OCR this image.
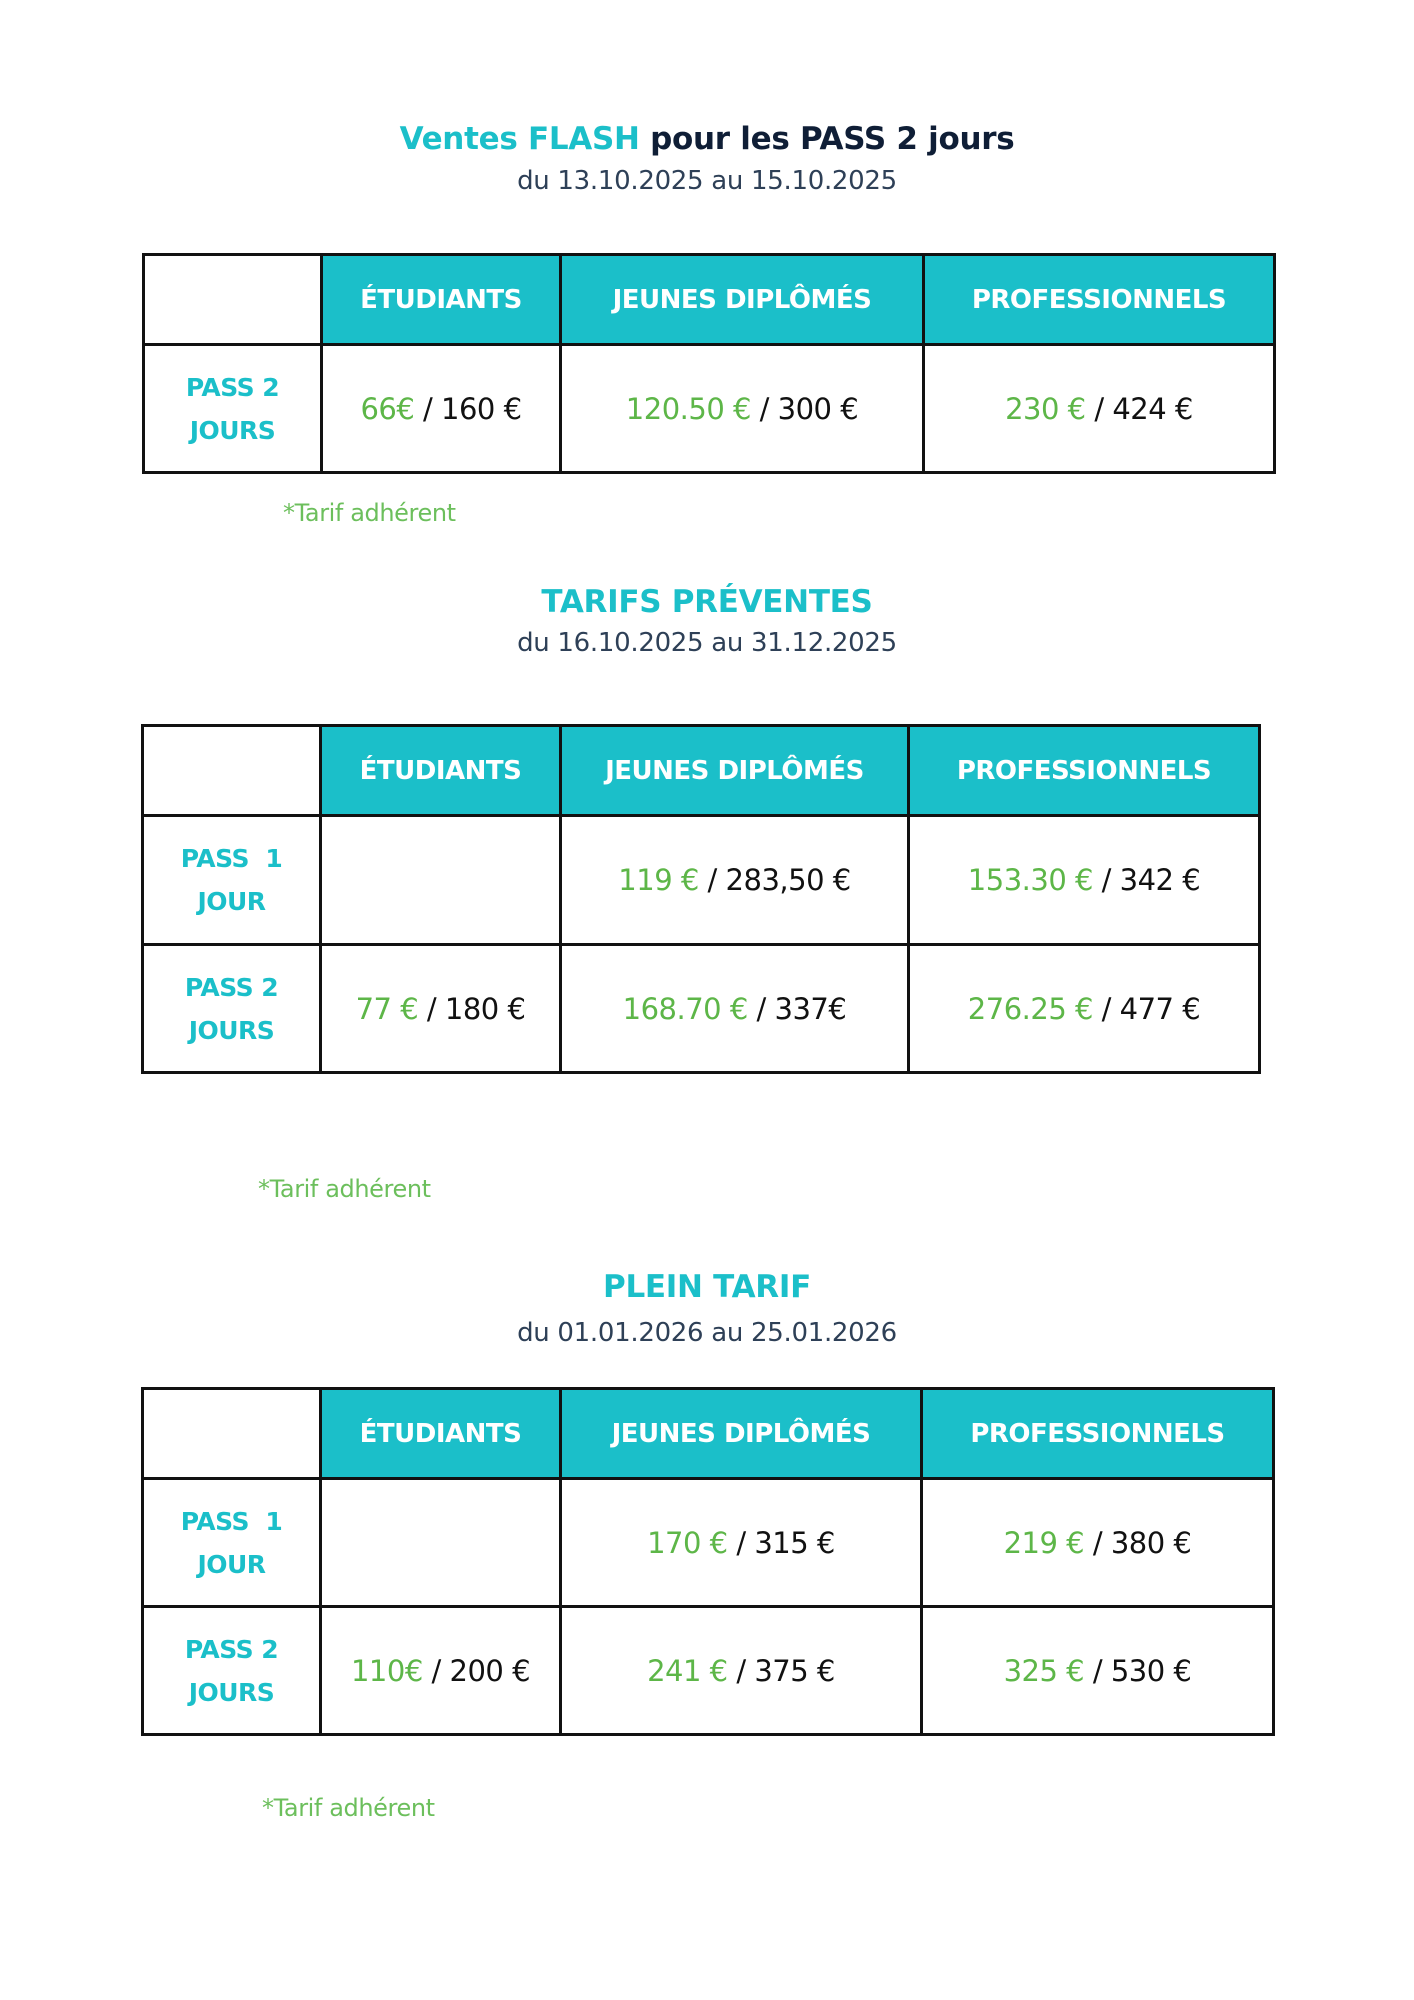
Ventes FLASH pour les PASS 2 jours
du 13.10.2025 au 15.10.2025
	ÉTUDIANTS	JEUNES DIPLÔMÉS	PROFESSIONNELS

PASS 2
JOURS	66€ / 160 €	120.50 € / 300 €	230 € / 424 €
*Tarif adhérent
TARIFS PRÉVENTES
du 16.10.2025 au 31.12.2025
	ÉTUDIANTS	JEUNES DIPLÔMÉS	PROFESSIONNELS

PASS  1
JOUR		119 € / 283,50 €	153.30 € / 342 €

PASS 2
JOURS	77 € / 180 €	168.70 € / 337€	276.25 € / 477 €
*Tarif adhérent
PLEIN TARIF
du 01.01.2026 au 25.01.2026
	ÉTUDIANTS	JEUNES DIPLÔMÉS	PROFESSIONNELS

PASS  1
JOUR		170 € / 315 €	219 € / 380 €

PASS 2
JOURS	110€ / 200 €	241 € / 375 €	325 € / 530 €
*Tarif adhérent
